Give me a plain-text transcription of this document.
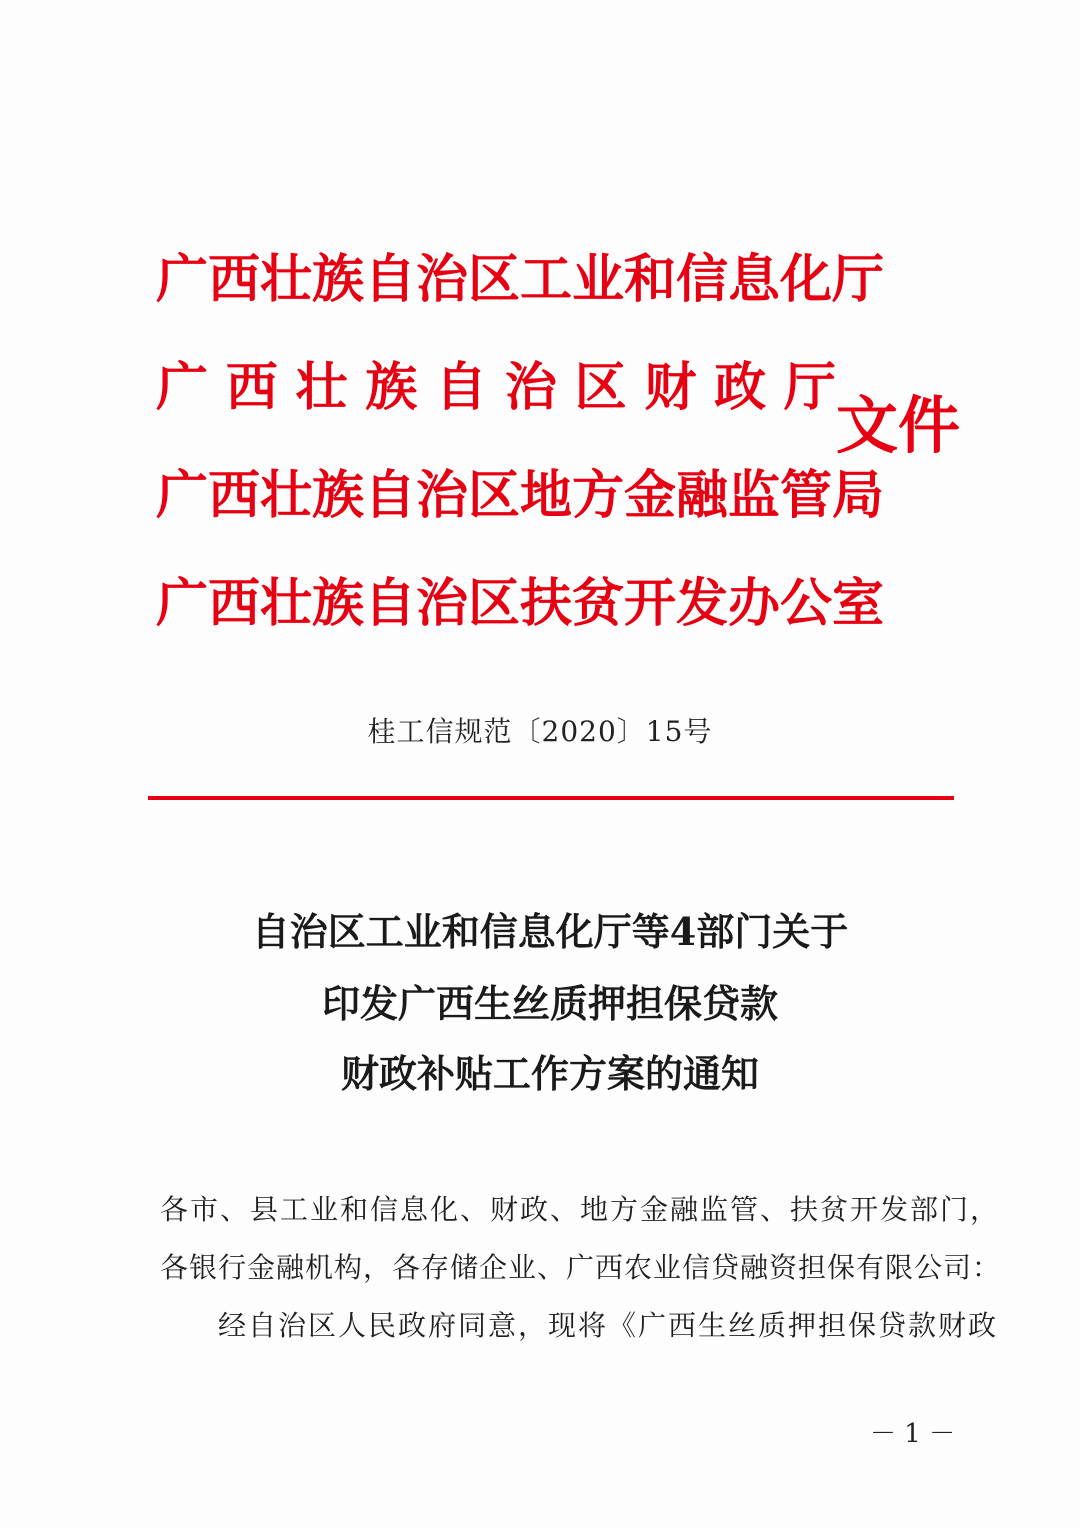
广西壮族自治区工业和信息化厅
广 西 壮 族 自 治 区 财 政 厅
广西壮族自治区地方金融监管局
广西壮族自治区扶贫开发办公室
文件
桂工信规范〔2020〕15号
自治区工业和信息化厅等4部门关于
印发广西生丝质押担保贷款
财政补贴工作方案的通知
各市、县工业和信息化、财政、地方金融监管、扶贫开发部门，
各银行金融机构，各存储企业、广西农业信贷融资担保有限公司：
经自治区人民政府同意，现将《广西生丝质押担保贷款财政
－ 1 －
